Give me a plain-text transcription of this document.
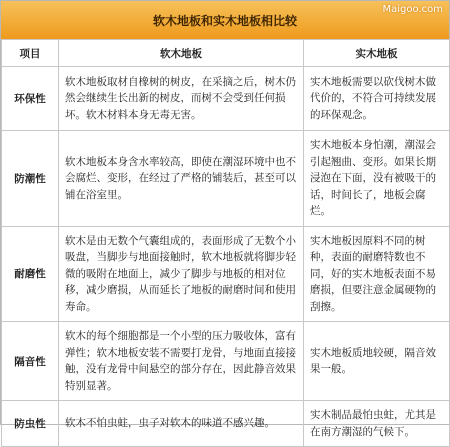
软木地板和实木地板相比较
Maigoo.com
项目	软木地板	实木地板
环保性	软木地板取材自橡树的树皮，在采摘之后，树木仍然会继续生长出新的树皮，而树不会受到任何损坏。软木材料本身无毒无害。	实木地板需要以砍伐树木做代价的，不符合可持续发展的环保观念。
防潮性	软木地板本身含水率较高，即使在潮湿环境中也不会腐烂、变形，在经过了严格的铺装后，甚至可以铺在浴室里。	实木地板本身怕潮，潮湿会引起翘曲、变形。如果长期浸泡在下面，没有被吸干的话，时间长了，地板会腐烂。
耐磨性	软木是由无数个气囊组成的，表面形成了无数个小吸盘，当脚步与地面接触时，软木地板就将脚步轻微的吸附在地面上，减少了脚步与地板的相对位移，减少磨损，从而延长了地板的耐磨时间和使用寿命。	实木地板因原料不同的树种，表面的耐磨特数也不同，好的实木地板表面不易磨损，但要注意金属硬物的刮擦。
隔音性	软木的每个细胞都是一个小型的压力吸收体，富有弹性；软木地板安装不需要打龙骨，与地面直接接触，没有龙骨中间悬空的部分存在，因此静音效果特别显著。	实木地板质地较硬，隔音效果一般。
防虫性	软木不怕虫蛀，虫子对软木的味道不感兴趣。	实木制品最怕虫蛀，尤其是在南方潮湿的气候下。
